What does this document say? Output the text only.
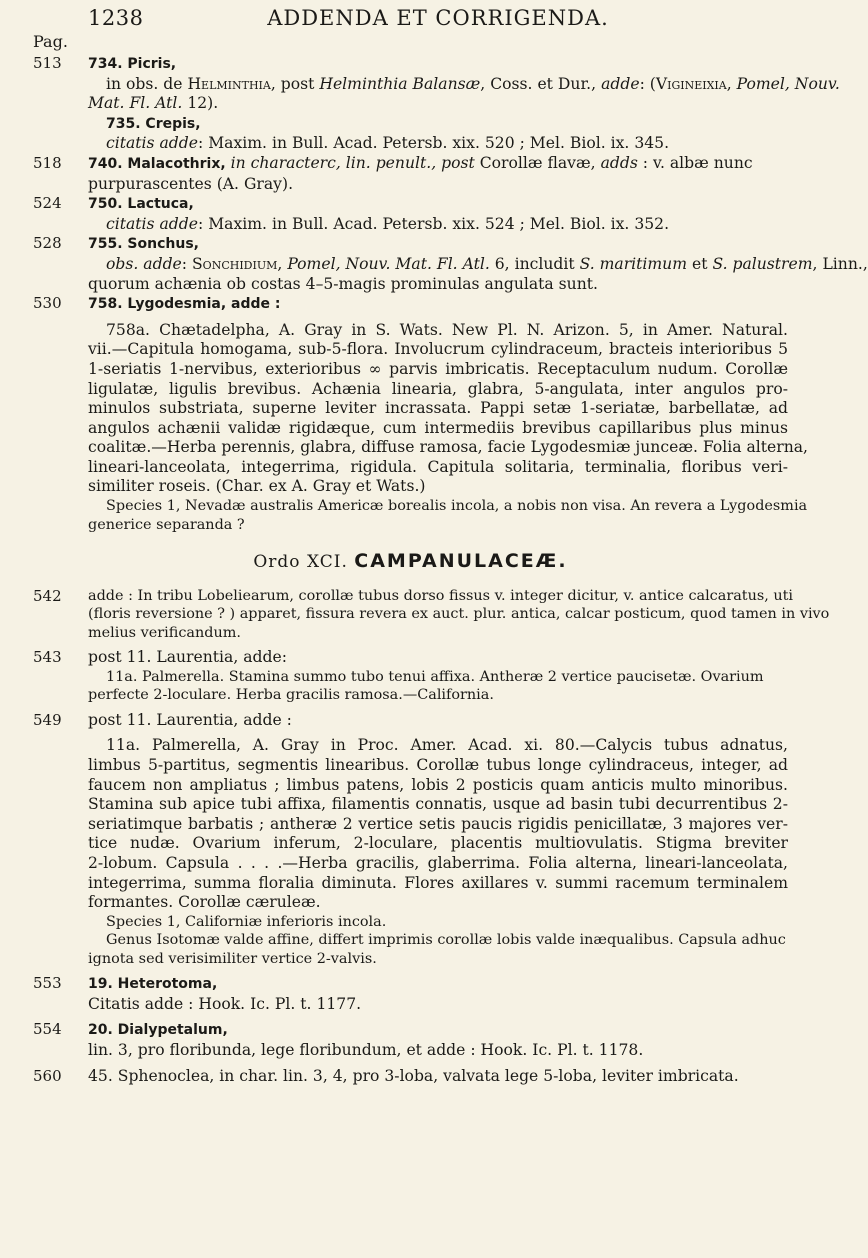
1238	ADDENDA ET CORRIGENDA.
Pag.
513	734. Picris,
in obs. de Helminthia, post Helminthia Balansæ, Coss. et Dur., adde: (Vigineixia, Pomel, Nouv.
Mat. Fl. Atl. 12).
735. Crepis,
citatis adde: Maxim. in Bull. Acad. Petersb. xix. 520 ; Mel. Biol. ix. 345.
518	740. Malacothrix, in characterc, lin. penult., post Corollæ flavæ, adds : v. albæ nunc
purpurascentes (A. Gray).
524	750. Lactuca,
citatis adde: Maxim. in Bull. Acad. Petersb. xix. 524 ; Mel. Biol. ix. 352.
528	755. Sonchus,
obs. adde: Sonchidium, Pomel, Nouv. Mat. Fl. Atl. 6, includit S. maritimum et S. palustrem, Linn.,
quorum achænia ob costas 4–5-magis prominulas angulata sunt.
530	758. Lygodesmia, adde :
758a. Chætadelpha, A. Gray in S. Wats. New Pl. N. Arizon. 5, in Amer. Natural.
vii.—Capitula homogama, sub-5-flora. Involucrum cylindraceum, bracteis interioribus 5
1-seriatis 1-nervibus, exterioribus ∞ parvis imbricatis. Receptaculum nudum. Corollæ
ligulatæ, ligulis brevibus. Achænia linearia, glabra, 5-angulata, inter angulos pro-
minulos substriata, superne leviter incrassata. Pappi setæ 1-seriatæ, barbellatæ, ad
angulos achænii validæ rigidæque, cum intermediis brevibus capillaribus plus minus
coalitæ.—Herba perennis, glabra, diffuse ramosa, facie Lygodesmiæ junceæ. Folia alterna,
lineari-lanceolata, integerrima, rigidula. Capitula solitaria, terminalia, floribus veri-
similiter roseis. (Char. ex A. Gray et Wats.)
Species 1, Nevadæ australis Americæ borealis incola, a nobis non visa. An revera a Lygodesmia
generice separanda ?
Ordo XCI. CAMPANULACEÆ.
542	adde : In tribu Lobeliearum, corollæ tubus dorso fissus v. integer dicitur, v. antice calcaratus, uti
(floris reversione ? ) apparet, fissura revera ex auct. plur. antica, calcar posticum, quod tamen in vivo
melius verificandum.
543	post 11. Laurentia, adde:
11a. Palmerella. Stamina summo tubo tenui affixa. Antheræ 2 vertice paucisetæ. Ovarium
perfecte 2-loculare. Herba gracilis ramosa.—California.
549	post 11. Laurentia, adde :
11a. Palmerella, A. Gray in Proc. Amer. Acad. xi. 80.—Calycis tubus adnatus,
limbus 5-partitus, segmentis linearibus. Corollæ tubus longe cylindraceus, integer, ad
faucem non ampliatus ; limbus patens, lobis 2 posticis quam anticis multo minoribus.
Stamina sub apice tubi affixa, filamentis connatis, usque ad basin tubi decurrentibus 2-
seriatimque barbatis ; antheræ 2 vertice setis paucis rigidis penicillatæ, 3 majores ver-
tice nudæ. Ovarium inferum, 2-loculare, placentis multiovulatis. Stigma breviter
2-lobum. Capsula . . . .—Herba gracilis, glaberrima. Folia alterna, lineari-lanceolata,
integerrima, summa floralia diminuta. Flores axillares v. summi racemum terminalem
formantes. Corollæ cæruleæ.
Species 1, Californiæ inferioris incola.
Genus Isotomæ valde affine, differt imprimis corollæ lobis valde inæqualibus. Capsula adhuc
ignota sed verisimiliter vertice 2-valvis.
553	19. Heterotoma,
Citatis adde : Hook. Ic. Pl. t. 1177.
554	20. Dialypetalum,
lin. 3, pro floribunda, lege floribundum, et adde : Hook. Ic. Pl. t. 1178.
560	45. Sphenoclea, in char. lin. 3, 4, pro 3-loba, valvata lege 5-loba, leviter imbricata.
